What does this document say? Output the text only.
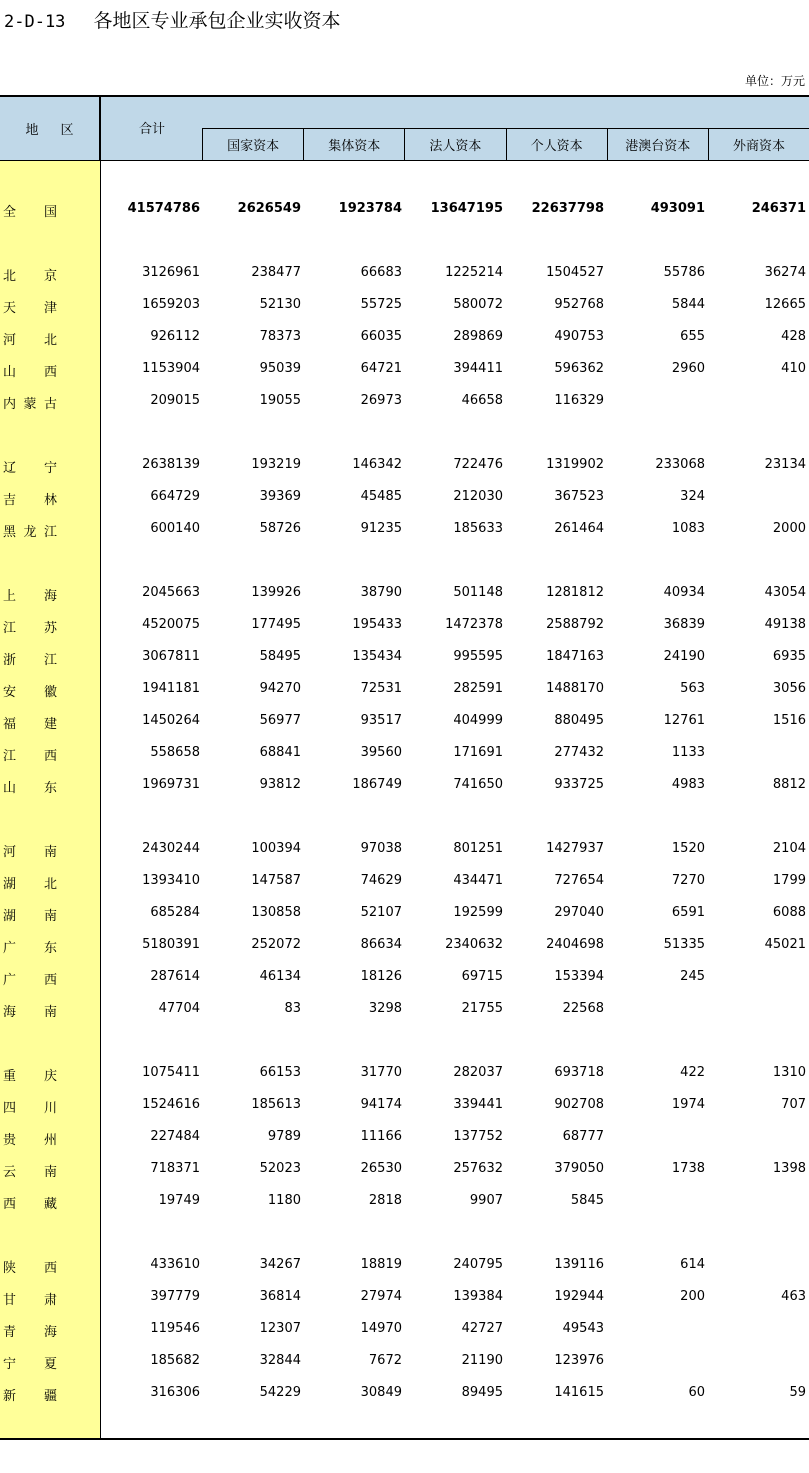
2-D-13 各地区专业承包企业实收资本
单位：万元
地区	合计
国家资本	集体资本	法人资本	个人资本	港澳台资本	外商资本
全 国	41574786	2626549	1923784	13647195	22637798	493091	246371
北 京	3126961	238477	66683	1225214	1504527	55786	36274
天 津	1659203	52130	55725	580072	952768	5844	12665
河 北	926112	78373	66035	289869	490753	655	428
山 西	1153904	95039	64721	394411	596362	2960	410
内 蒙 古	209015	19055	26973	46658	116329
辽 宁	2638139	193219	146342	722476	1319902	233068	23134
吉 林	664729	39369	45485	212030	367523	324
黑 龙 江	600140	58726	91235	185633	261464	1083	2000
上 海	2045663	139926	38790	501148	1281812	40934	43054
江 苏	4520075	177495	195433	1472378	2588792	36839	49138
浙 江	3067811	58495	135434	995595	1847163	24190	6935
安 徽	1941181	94270	72531	282591	1488170	563	3056
福 建	1450264	56977	93517	404999	880495	12761	1516
江 西	558658	68841	39560	171691	277432	1133
山 东	1969731	93812	186749	741650	933725	4983	8812
河 南	2430244	100394	97038	801251	1427937	1520	2104
湖 北	1393410	147587	74629	434471	727654	7270	1799
湖 南	685284	130858	52107	192599	297040	6591	6088
广 东	5180391	252072	86634	2340632	2404698	51335	45021
广 西	287614	46134	18126	69715	153394	245
海 南	47704	83	3298	21755	22568
重 庆	1075411	66153	31770	282037	693718	422	1310
四 川	1524616	185613	94174	339441	902708	1974	707
贵 州	227484	9789	11166	137752	68777
云 南	718371	52023	26530	257632	379050	1738	1398
西 藏	19749	1180	2818	9907	5845
陕 西	433610	34267	18819	240795	139116	614
甘 肃	397779	36814	27974	139384	192944	200	463
青 海	119546	12307	14970	42727	49543
宁 夏	185682	32844	7672	21190	123976
新 疆	316306	54229	30849	89495	141615	60	59
